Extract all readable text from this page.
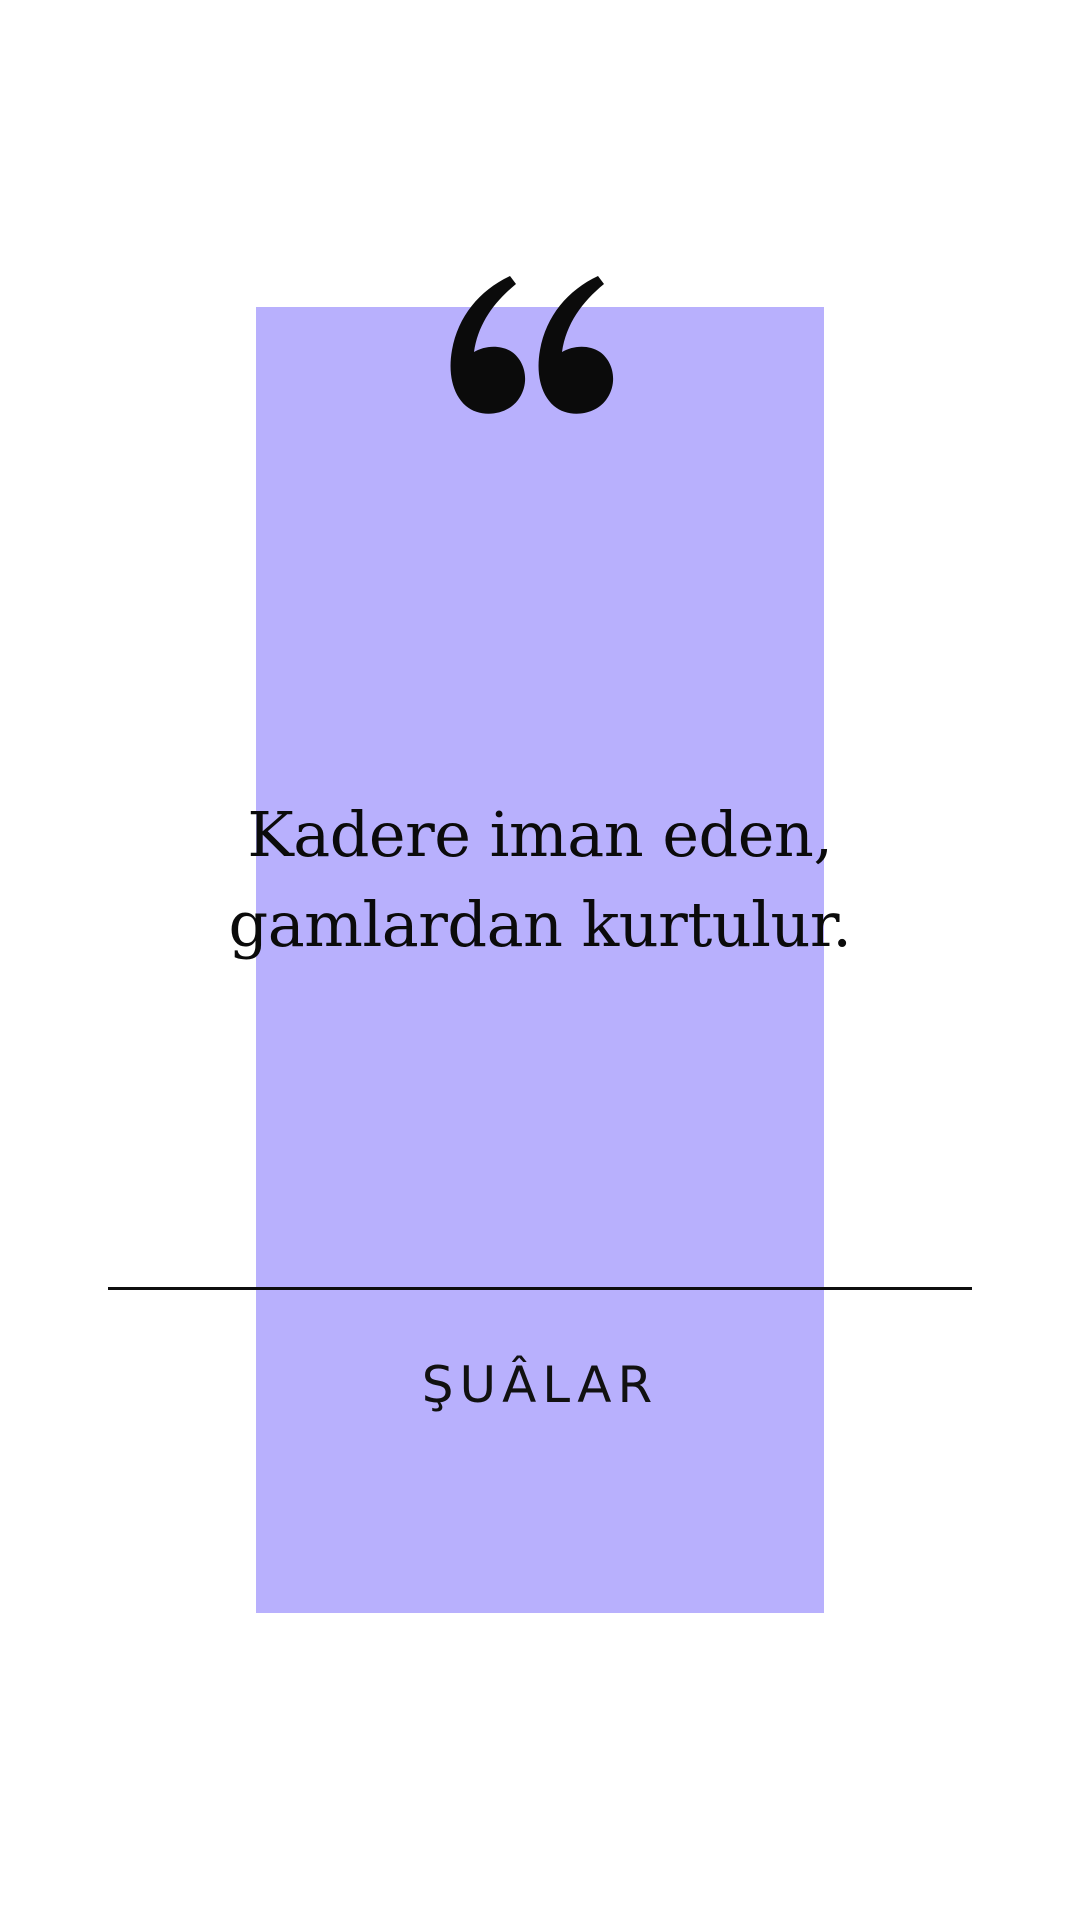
Kadere iman eden,
gamlardan kurtulur.
ŞUÂLAR
